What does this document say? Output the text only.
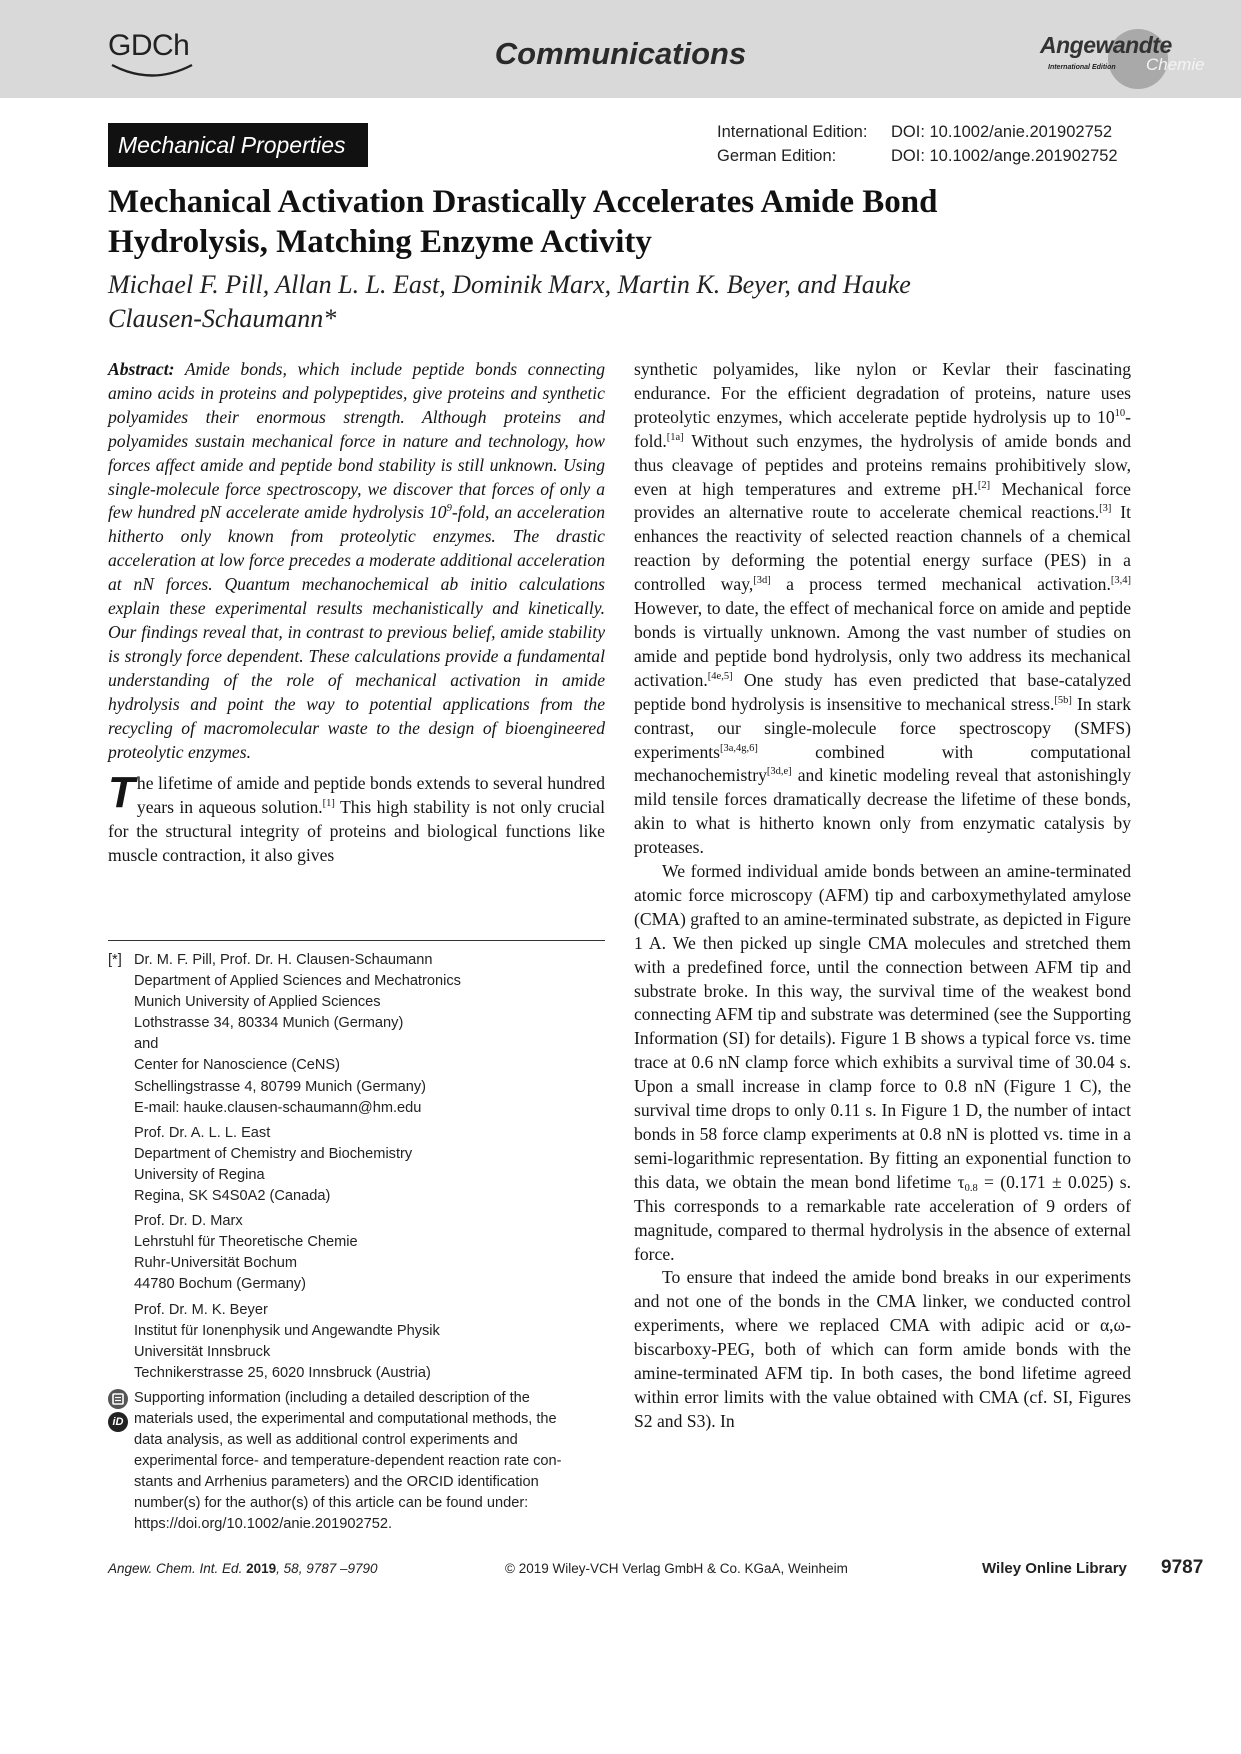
GDCh	Communications	Angewandte
International Edition Chemie
Mechanical Properties	International Edition: DOI: 10.1002/anie.201902752
German Edition:	DOI: 10.1002/ange.201902752
Mechanical Activation Drastically Accelerates Amide Bond Hydrolysis, Matching Enzyme Activity
Michael F. Pill, Allan L. L. East, Dominik Marx, Martin K. Beyer, and Hauke Clausen-Schaumann*

Abstract: Amide bonds, which include peptide bonds connecting amino acids in proteins and polypeptides, give proteins and synthetic polyamides their enormous strength. Although proteins and polyamides sustain mechanical force in nature and technology, how forces affect amide and peptide bond stability is still unknown. Using single-molecule force spectroscopy, we discover that forces of only a few hundred pN accelerate amide hydrolysis $10^9$-fold, an acceleration hitherto only known from proteolytic enzymes. The drastic acceleration at low force precedes a moderate additional acceleration at nN forces. Quantum mechanochemical ab initio calculations explain these experimental results mechanistically and kinetically. Our findings reveal that, in contrast to previous belief, amide stability is strongly force dependent. These calculations provide a fundamental understanding of the role of mechanical activation in amide hydrolysis and point the way to potential applications from the recycling of macromolecular waste to the design of bioengineered proteolytic enzymes.

The lifetime of amide and peptide bonds extends to several hundred years in aqueous solution.[1] This high stability is not only crucial for the structural integrity of proteins and biological functions like muscle contraction, it also gives

[*] Dr. M. F. Pill, Prof. Dr. H. Clausen-Schaumann
Department of Applied Sciences and Mechatronics
Munich University of Applied Sciences
Lothstrasse 34, 80334 Munich (Germany)
and
Center for Nanoscience (CeNS)
Schellingstrasse 4, 80799 Munich (Germany)
E-mail: hauke.clausen-schaumann@hm.edu
Prof. Dr. A. L. L. East
Department of Chemistry and Biochemistry
University of Regina
Regina, SK S4S0A2 (Canada)
Prof. Dr. D. Marx
Lehrstuhl für Theoretische Chemie
Ruhr-Universität Bochum
44780 Bochum (Germany)
Prof. Dr. M. K. Beyer
Institut für Ionenphysik und Angewandte Physik
Universität Innsbruck
Technikerstrasse 25, 6020 Innsbruck (Austria)
iD
Supporting information (including a detailed description of the
materials used, the experimental and computational methods, the
data analysis, as well as additional control experiments and
experimental force- and temperature-dependent reaction rate con-
stants and Arrhenius parameters) and the ORCID identification
number(s) for the author(s) of this article can be found under:
https://doi.org/10.1002/anie.201902752.

synthetic polyamides, like nylon or Kevlar their fascinating endurance. For the efficient degradation of proteins, nature uses proteolytic enzymes, which accelerate peptide hydrolysis up to $10^{10}-fold.[1a]$ Without such enzymes, the hydrolysis of amide bonds and thus cleavage of peptides and proteins remains prohibitively slow, even at high temperatures and extreme pH.[2] Mechanical force provides an alternative route to accelerate chemical reactions.[3] It enhances the reactivity of selected reaction channels of a chemical reaction by deforming the potential energy surface (PES) in a controlled way,[3d] a process termed mechanical activation.[3,4] However, to date, the effect of mechanical force on amide and peptide bonds is virtually unknown. Among the vast number of studies on amide and peptide bond hydrolysis, only two address its mechanical activation.[4e,5] One study has even predicted that base-catalyzed peptide bond hydrolysis is insensitive to mechanical stress.[5b] In stark contrast, our single-molecule force spectroscopy (SMFS) experiments[3a,4g,6] combined with computational mechanochemistry[3d,e] and kinetic modeling reveal that astonishingly mild tensile forces dramatically decrease the lifetime of these bonds, akin to what is hitherto known only from enzymatic catalysis by proteases.

We formed individual amide bonds between an amine-terminated atomic force microscopy (AFM) tip and carboxymethylated amylose (CMA) grafted to an amine-terminated substrate, as depicted in Figure 1 A. We then picked up single CMA molecules and stretched them with a predefined force, until the connection between AFM tip and substrate broke. In this way, the survival time of the weakest bond connecting AFM tip and substrate was determined (see the Supporting Information (SI) for details). Figure 1 B shows a typical force vs. time trace at 0.6 nN clamp force which exhibits a survival time of 30.04 s. Upon a small increase in clamp force to 0.8 nN (Figure 1 C), the survival time drops to only 0.11 s. In Figure 1 D, the number of intact bonds in 58 force clamp experiments at 0.8 nN is plotted vs. time in a semi-logarithmic representation. By fitting an exponential function to this data, we obtain the mean bond lifetime $\tau_{0.8} = (0.171 \pm 0.025)$ s. This corresponds to a remarkable rate acceleration of 9 orders of magnitude, compared to thermal hydrolysis in the absence of external force.

To ensure that indeed the amide bond breaks in our experiments and not one of the bonds in the CMA linker, we conducted control experiments, where we replaced CMA with adipic acid or α,ω-biscarboxy-PEG, both of which can form amide bonds with the amine-terminated AFM tip. In both cases, the bond lifetime agreed within error limits with the value obtained with CMA (cf. SI, Figures S2 and S3). In

Angew. Chem. Int. Ed. 2019, 58, 9787 –9790	© 2019 Wiley-VCH Verlag GmbH & Co. KGaA, Weinheim	Wiley Online Library 9787
